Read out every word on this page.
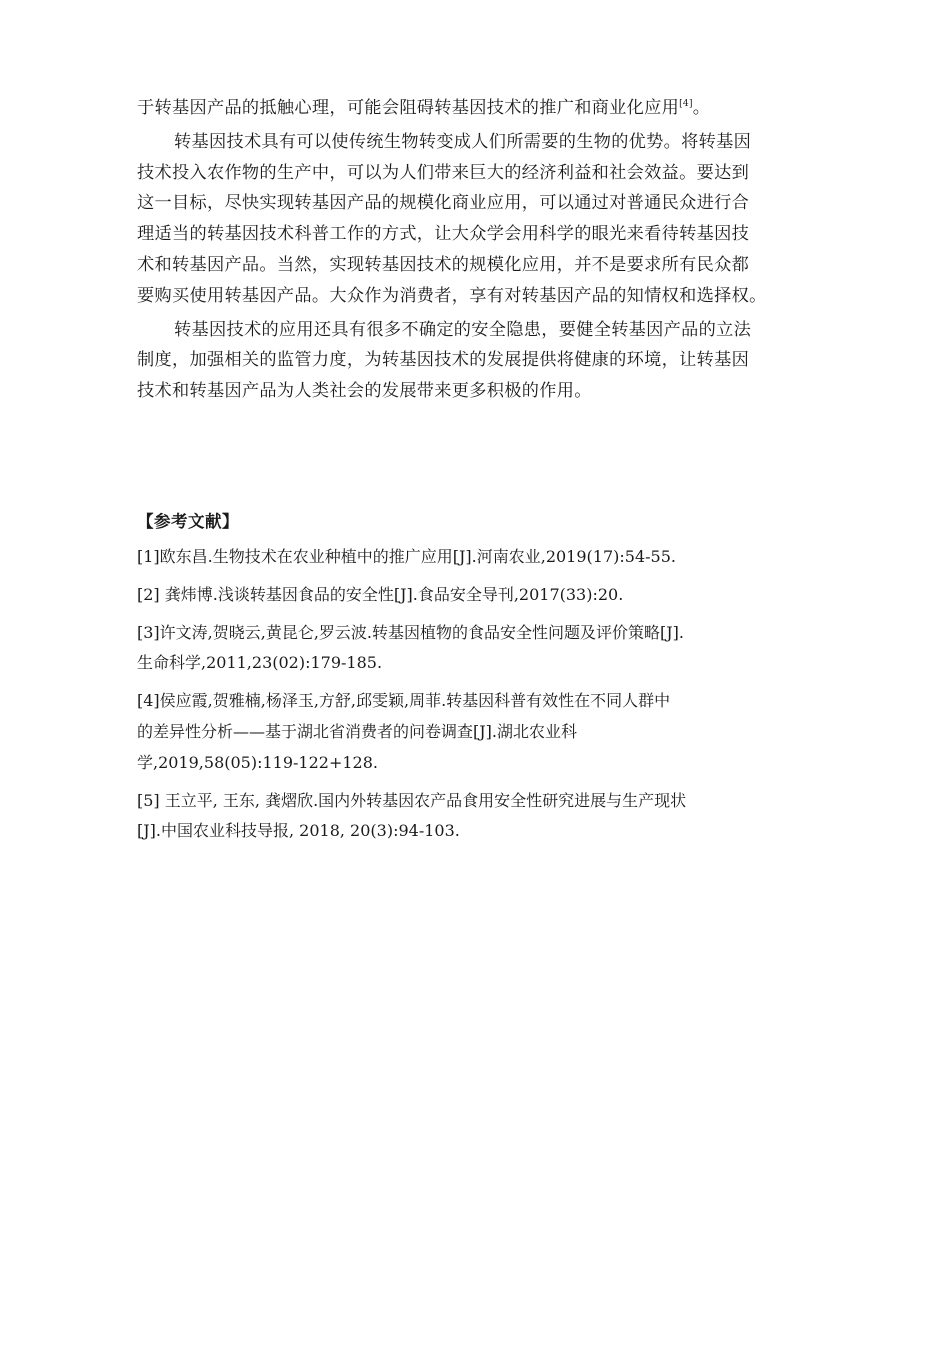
于转基因产品的抵触心理，可能会阻碍转基因技术的推广和商业化应用[4]。

转基因技术具有可以使传统生物转变成人们所需要的生物的优势。将转基因
技术投入农作物的生产中，可以为人们带来巨大的经济利益和社会效益。要达到
这一目标，尽快实现转基因产品的规模化商业应用，可以通过对普通民众进行合
理适当的转基因技术科普工作的方式，让大众学会用科学的眼光来看待转基因技
术和转基因产品。当然，实现转基因技术的规模化应用，并不是要求所有民众都
要购买使用转基因产品。大众作为消费者，享有对转基因产品的知情权和选择权。

转基因技术的应用还具有很多不确定的安全隐患，要健全转基因产品的立法
制度，加强相关的监管力度，为转基因技术的发展提供将健康的环境，让转基因
技术和转基因产品为人类社会的发展带来更多积极的作用。

【参考文献】
[1]欧东昌.生物技术在农业种植中的推广应用[J].河南农业,2019(17):54-55.
[2] 龚炜博.浅谈转基因食品的安全性[J].食品安全导刊,2017(33):20.
[3]许文涛,贺晓云,黄昆仑,罗云波.转基因植物的食品安全性问题及评价策略[J].
生命科学,2011,23(02):179-185.
[4]侯应霞,贺雅楠,杨泽玉,方舒,邱雯颖,周菲.转基因科普有效性在不同人群中
的差异性分析——基于湖北省消费者的问卷调查[J].湖北农业科
学,2019,58(05):119-122+128.
[5] 王立平, 王东, 龚熠欣.国内外转基因农产品食用安全性研究进展与生产现状
[J].中国农业科技导报, 2018, 20(3):94-103.
